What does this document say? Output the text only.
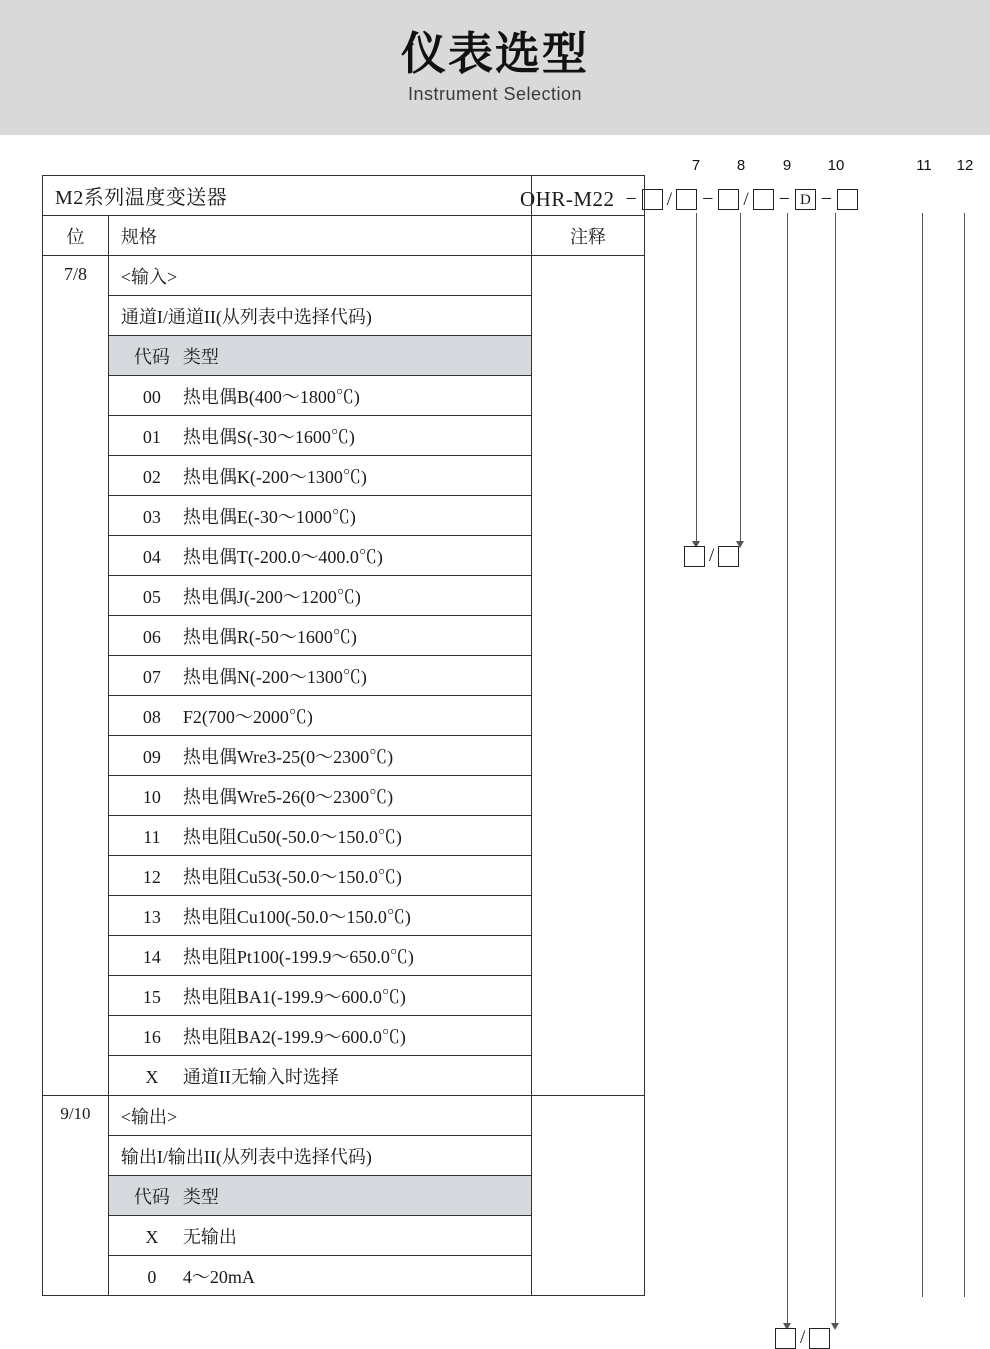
仪表选型
Instrument Selection
7	8	9	10	11 12
OHR-M22 − / − / − D −
/
/
M2系列温度变送器		
位	规格	注释
7/8	<输入>	
	通道I/通道II(从列表中选择代码)	
	代码 类型	
	00 热电偶B(400～1800℃)	
	01 热电偶S(-30～1600℃)	
	02 热电偶K(-200～1300℃)	
	03 热电偶E(-30～1000℃)	
	04 热电偶T(-200.0～400.0℃)	
	05 热电偶J(-200～1200℃)	
	06 热电偶R(-50～1600℃)	
	07 热电偶N(-200～1300℃)	
	08 F2(700～2000℃)	
	09 热电偶Wre3-25(0～2300℃)	
	10 热电偶Wre5-26(0～2300℃)	
	11 热电阻Cu50(-50.0～150.0℃)	
	12 热电阻Cu53(-50.0～150.0℃)	
	13 热电阻Cu100(-50.0～150.0℃)	
	14 热电阻Pt100(-199.9～650.0℃)	
	15 热电阻BA1(-199.9～600.0℃)	
	16 热电阻BA2(-199.9～600.0℃)	
	X 通道II无输入时选择	
9/10	<输出>	
	输出I/输出II(从列表中选择代码)	
	代码 类型	
	X 无输出	
	0 4～20mA	
